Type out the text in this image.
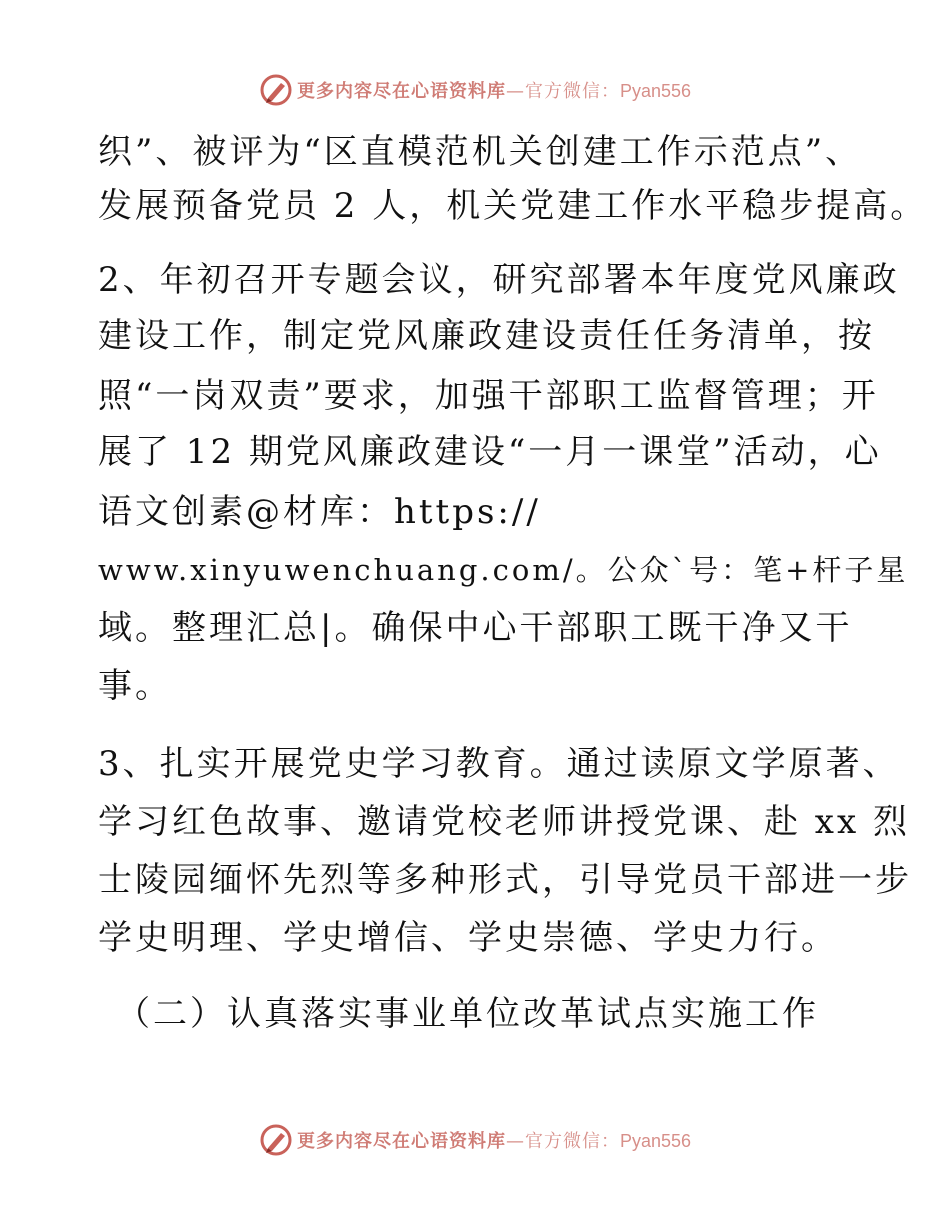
更多内容尽在心语资料库—官方微信：Pyan556
织”、被评为“区直模范机关创建工作示范点”、
发展预备党员 2 人，机关党建工作水平稳步提高。
2、年初召开专题会议，研究部署本年度党风廉政
建设工作，制定党风廉政建设责任任务清单，按
照“一岗双责”要求，加强干部职工监督管理；开
展了 12 期党风廉政建设“一月一课堂”活动，心
语文创素@材库：https://
www.xinyuwenchuang.com/。公众`号：笔+杆子星
域。整理汇总|。确保中心干部职工既干净又干
事。
3、扎实开展党史学习教育。通过读原文学原著、
学习红色故事、邀请党校老师讲授党课、赴 xx 烈
士陵园缅怀先烈等多种形式，引导党员干部进一步
学史明理、学史增信、学史崇德、学史力行。
（二）认真落实事业单位改革试点实施工作
更多内容尽在心语资料库—官方微信：Pyan556
